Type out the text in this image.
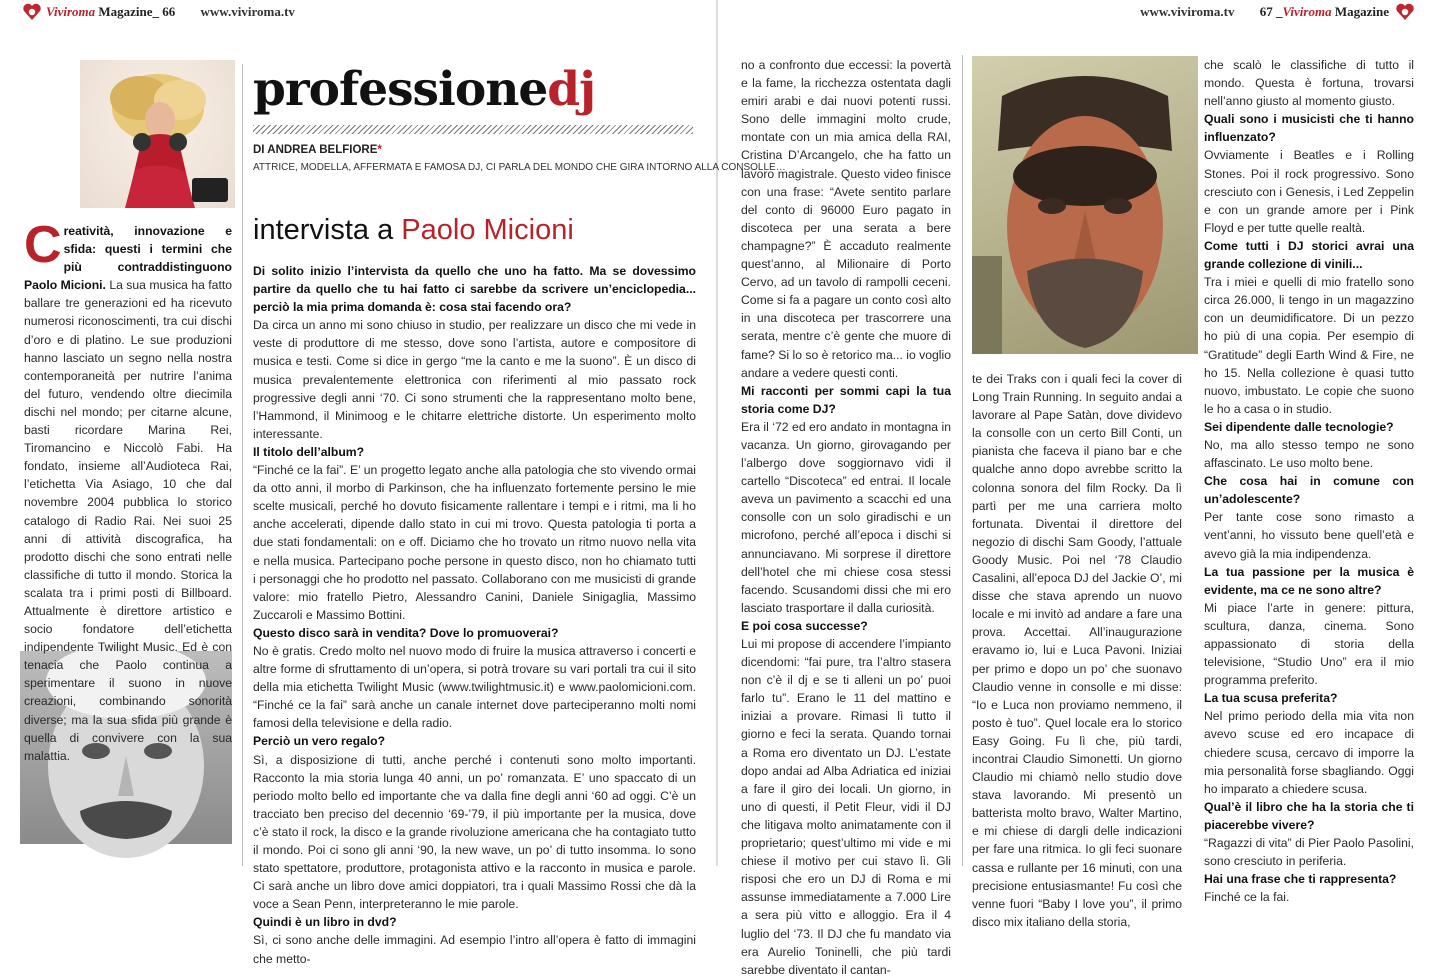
Viviroma Magazine_ 66 www.viviroma.tv	www.viviroma.tv 67 _Viviroma Magazine
professionedj
DI ANDREA BELFIORE*
ATTRICE, MODELLA, AFFERMATA E FAMOSA DJ, CI PARLA DEL MONDO CHE GIRA INTORNO ALLA CONSOLLE…
intervista a Paolo Micioni

Creatività, innovazione e sfida: questi i termini che più contraddistinguono Paolo Micioni. La sua musica ha fatto ballare tre generazioni ed ha ricevuto numerosi riconoscimenti, tra cui dischi d’oro e di platino. Le sue produzioni hanno lasciato un segno nella nostra contemporaneità per nutrire l’anima del futuro, vendendo oltre diecimila dischi nel mondo; per citarne alcune, basti ricordare Marina Rei, Tiromancino e Niccolò Fabi. Ha fondato, insieme all’Audioteca Rai, l’etichetta Via Asiago, 10 che dal novembre 2004 pubblica lo storico catalogo di Radio Rai. Nei suoi 25 anni di attività discografica, ha prodotto dischi che sono entrati nelle classifiche di tutto il mondo. Storica la scalata tra i primi posti di Billboard. Attualmente è direttore artistico e socio fondatore dell’etichetta indipendente Twilight Music. Ed è con tenacia che Paolo continua a sperimentare il suono in nuove creazioni, combinando sonorità diverse; ma la sua sfida più grande è quella di convivere con la sua malattia.

Di solito inizio l’intervista da quello che uno ha fatto. Ma se dovessimo partire da quello che tu hai fatto ci sarebbe da scrivere un’enciclopedia... perciò la mia prima domanda è: cosa stai facendo ora?

Da circa un anno mi sono chiuso in studio, per realizzare un disco che mi vede in veste di produttore di me stesso, dove sono l’artista, autore e compositore di musica e testi. Come si dice in gergo “me la canto e me la suono”. È un disco di musica prevalentemente elettronica con riferimenti al mio passato rock progressive degli anni ‘70. Ci sono strumenti che la rappresentano molto bene, l’Hammond, il Minimoog e le chitarre elettriche distorte. Un esperimento molto interessante.

Il titolo dell’album?

“Finché ce la fai”. E’ un progetto legato anche alla patologia che sto vivendo ormai da otto anni, il morbo di Parkinson, che ha influenzato fortemente persino le mie scelte musicali, perché ho dovuto fisicamente rallentare i tempi e i ritmi, ma li ho anche accelerati, dipende dallo stato in cui mi trovo. Questa patologia ti porta a due stati fondamentali: on e off. Diciamo che ho trovato un ritmo nuovo nella vita e nella musica. Partecipano poche persone in questo disco, non ho chiamato tutti i personaggi che ho prodotto nel passato. Collaborano con me musicisti di grande valore: mio fratello Pietro, Alessandro Canini, Daniele Sinigaglia, Massimo Zuccaroli e Massimo Bottini.

Questo disco sarà in vendita? Dove lo promuoverai?

No è gratis. Credo molto nel nuovo modo di fruire la musica attraverso i concerti e altre forme di sfruttamento di un’opera, si potrà trovare su vari portali tra cui il sito della mia etichetta Twilight Music (www.twilightmusic.it) e www.paolomicioni.com. “Finché ce la fai” sarà anche un canale internet dove parteciperanno molti nomi famosi della televisione e della radio.

Perciò un vero regalo?

Sì, a disposizione di tutti, anche perché i contenuti sono molto importanti. Racconto la mia storia lunga 40 anni, un po’ romanzata. E’ uno spaccato di un periodo molto bello ed importante che va dalla fine degli anni ‘60 ad oggi. C’è un tracciato ben preciso del decennio ‘69-’79, il più importante per la musica, dove c’è stato il rock, la disco e la grande rivoluzione americana che ha contagiato tutto il mondo. Poi ci sono gli anni ‘90, la new wave, un po’ di tutto insomma. Io sono stato spettatore, produttore, protagonista attivo e la racconto in musica e parole. Ci sarà anche un libro dove amici doppiatori, tra i quali Massimo Rossi che dà la voce a Sean Penn, interpreteranno le mie parole.

Quindi è un libro in dvd?

Sì, ci sono anche delle immagini. Ad esempio l’intro all’opera è fatto di immagini che metto-

no a confronto due eccessi: la povertà e la fame, la ricchezza ostentata dagli emiri arabi e dai nuovi potenti russi. Sono delle immagini molto crude, montate con un mia amica della RAI, Cristina D’Arcangelo, che ha fatto un lavoro magistrale. Questo video finisce con una frase: “Avete sentito parlare del conto di 96000 Euro pagato in discoteca per una serata a bere champagne?” È accaduto realmente quest’anno, al Milionaire di Porto Cervo, ad un tavolo di rampolli ceceni. Come si fa a pagare un conto così alto in una discoteca per trascorrere una serata, mentre c’è gente che muore di fame? Si lo so è retorico ma... io voglio andare a vedere questi conti.

Mi racconti per sommi capi la tua storia come DJ?

Era il ‘72 ed ero andato in montagna in vacanza. Un giorno, girovagando per l’albergo dove soggiornavo vidi il cartello “Discoteca” ed entrai. Il locale aveva un pavimento a scacchi ed una consolle con un solo giradischi e un microfono, perché all’epoca i dischi si annunciavano. Mi sorprese il direttore dell’hotel che mi chiese cosa stessi facendo. Scusandomi dissi che mi ero lasciato trasportare il dalla curiosità.

E poi cosa successe?

Lui mi propose di accendere l’impianto dicendomi: “fai pure, tra l’altro stasera non c’è il dj e se ti alleni un po’ puoi farlo tu”. Erano le 11 del mattino e iniziai a provare. Rimasi lì tutto il giorno e feci la serata. Quando tornai a Roma ero diventato un DJ. L’estate dopo andai ad Alba Adriatica ed iniziai a fare il giro dei locali. Un giorno, in uno di questi, il Petit Fleur, vidi il DJ che litigava molto animatamente con il proprietario; quest’ultimo mi vide e mi chiese il motivo per cui stavo lì. Gli risposi che ero un DJ di Roma e mi assunse immediatamente a 7.000 Lire a sera più vitto e alloggio. Era il 4 luglio del ‘73. Il DJ che fu mandato via era Aurelio Toninelli, che più tardi sarebbe diventato il cantan-

te dei Traks con i quali feci la cover di Long Train Running. In seguito andai a lavorare al Pape Satàn, dove dividevo la consolle con un certo Bill Conti, un pianista che faceva il piano bar e che qualche anno dopo avrebbe scritto la colonna sonora del film Rocky. Da lì partì per me una carriera molto fortunata. Diventai il direttore del negozio di dischi Sam Goody, l’attuale Goody Music. Poi nel ‘78 Claudio Casalini, all’epoca DJ del Jackie O’, mi disse che stava aprendo un nuovo locale e mi invitò ad andare a fare una prova. Accettai. All’inaugurazione eravamo io, lui e Luca Pavoni. Iniziai per primo e dopo un po’ che suonavo Claudio venne in consolle e mi disse: “Io e Luca non proviamo nemmeno, il posto è tuo”. Quel locale era lo storico Easy Going. Fu lì che, più tardi, incontrai Claudio Simonetti. Un giorno Claudio mi chiamò nello studio dove stava lavorando. Mi presentò un batterista molto bravo, Walter Martino, e mi chiese di dargli delle indicazioni per fare una ritmica. Io gli feci suonare cassa e rullante per 16 minuti, con una precisione entusiasmante! Fu così che venne fuori “Baby I love you”, il primo disco mix italiano della storia,

che scalò le classifiche di tutto il mondo. Questa è fortuna, trovarsi nell’anno giusto al momento giusto.

Quali sono i musicisti che ti hanno influenzato?

Ovviamente i Beatles e i Rolling Stones. Poi il rock progressivo. Sono cresciuto con i Genesis, i Led Zeppelin e con un grande amore per i Pink Floyd e per tutte quelle realtà.

Come tutti i DJ storici avrai una grande collezione di vinili...

Tra i miei e quelli di mio fratello sono circa 26.000, li tengo in un magazzino con un deumidificatore. Di un pezzo ho più di una copia. Per esempio di “Gratitude” degli Earth Wind & Fire, ne ho 15. Nella collezione è quasi tutto nuovo, imbustato. Le copie che suono le ho a casa o in studio.

Sei dipendente dalle tecnologie?

No, ma allo stesso tempo ne sono affascinato. Le uso molto bene.

Che cosa hai in comune con un’adolescente?

Per tante cose sono rimasto a vent’anni, ho vissuto bene quell’età e avevo già la mia indipendenza.

La tua passione per la musica è evidente, ma ce ne sono altre?

Mi piace l’arte in genere: pittura, scultura, danza, cinema. Sono appassionato di storia della televisione, “Studio Uno” era il mio programma preferito.

La tua scusa preferita?

Nel primo periodo della mia vita non avevo scuse ed ero incapace di chiedere scusa, cercavo di imporre la mia personalità forse sbagliando. Oggi ho imparato a chiedere scusa.

Qual’è il libro che ha la storia che ti piacerebbe vivere?

“Ragazzi di vita” di Pier Paolo Pasolini, sono cresciuto in periferia.

Hai una frase che ti rappresenta?

Finché ce la fai.
